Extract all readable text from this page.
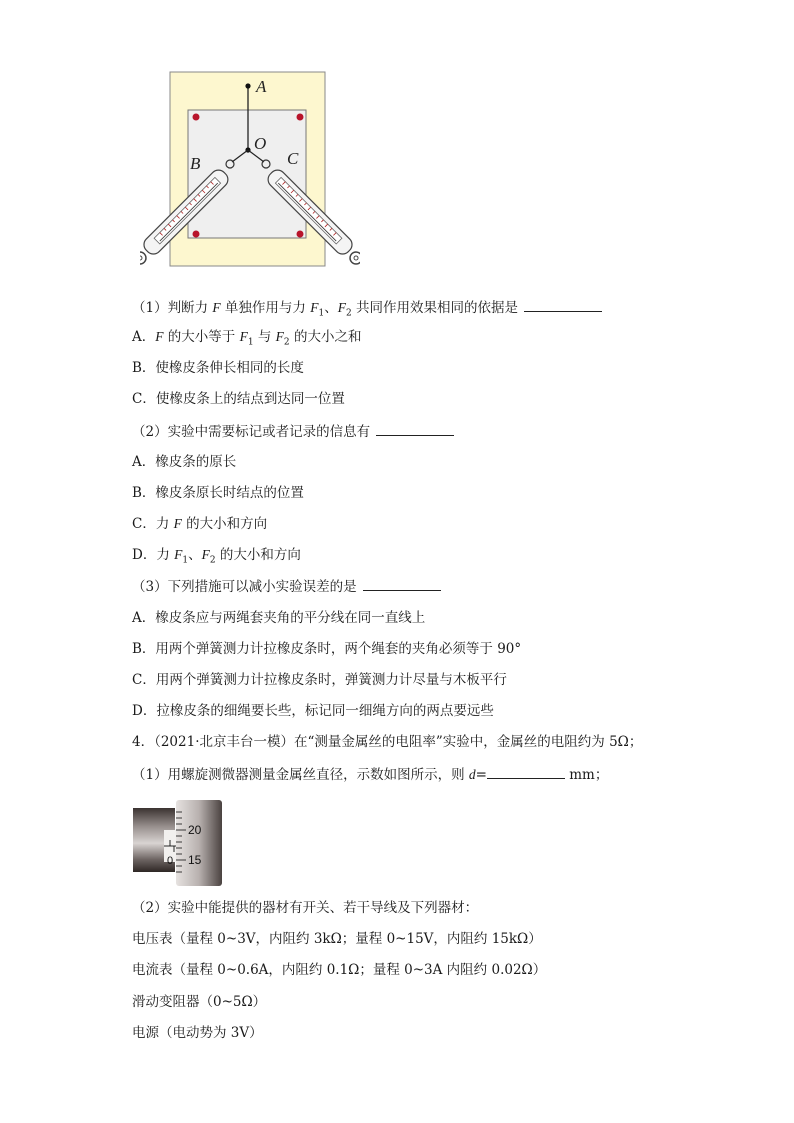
A
O
B	C
（1）判断力 F 单独作用与力 $F_1$、$F_2$ 共同作用效果相同的依据是
A．F 的大小等于 $F_1$ 与 $F_2$ 的大小之和
B．使橡皮条伸长相同的长度
C．使橡皮条上的结点到达同一位置
（2）实验中需要标记或者记录的信息有
A．橡皮条的原长
B．橡皮条原长时结点的位置
C．力 F 的大小和方向
D．力 $F_1$、$F_2$ 的大小和方向
（3）下列措施可以减小实验误差的是
A．橡皮条应与两绳套夹角的平分线在同一直线上
B．用两个弹簧测力计拉橡皮条时，两个绳套的夹角必须等于 90°
C．用两个弹簧测力计拉橡皮条时，弹簧测力计尽量与木板平行
D．拉橡皮条的细绳要长些，标记同一细绳方向的两点要远些
4．（2021·北京丰台一模）在“测量金属丝的电阻率”实验中，金属丝的电阻约为 5Ω；
（1）用螺旋测微器测量金属丝直径，示数如图所示，则 d=	mm；
20
15
0
（2）实验中能提供的器材有开关、若干导线及下列器材：
电压表（量程 0~3V，内阻约 3kΩ；量程 0~15V，内阻约 15kΩ）
电流表（量程 0~0.6A，内阻约 0.1Ω；量程 0~3A 内阻约 0.02Ω）
滑动变阻器（0~5Ω）
电源（电动势为 3V）
